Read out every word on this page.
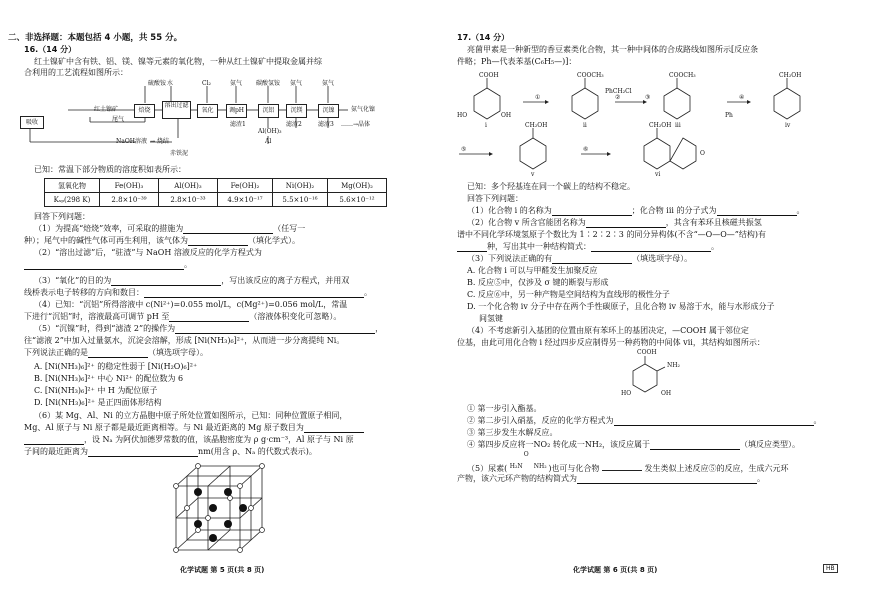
二、非选择题：本题包括 4 小题，共 55 分。
16.（14 分）
红土镍矿中含有铁、铝、镁、镍等元素的氧化物，一种从红土镍矿中提取金属并综
合利用的工艺流程如图所示：
焙烧
溶出过滤
氧化	调pH	沉铝	沉镁	沉镍
吸收
红土镍矿
硫酸铵 水	Cl₂	氨气 碳酸氢铵 氨气	氨气
氨气化镍
尾气
NaOH溶液 → 烧结
赤铁泥
滤渣1	滤渣2	滤渣3 ……→晶体
Al(OH)₃
Al
已知：常温下部分物质的溶度积如表所示：
氢氧化物	Fe(OH)₃	Al(OH)₃	Fe(OH)₂	Ni(OH)₂	Mg(OH)₂
Kₛₚ(298 K)	2.8×10⁻³⁹	2.8×10⁻³³	4.9×10⁻¹⁷	5.5×10⁻¹⁶	5.6×10⁻¹²
回答下列问题：
（1）为提高“焙烧”效率，可采取的措施为	（任写一
种）；尾气中的碱性气体可再生利用，该气体为	（填化学式）。
（2）“溶出过滤”后，“驻渣”与 NaOH 溶液反应的化学方程式为
。
（3）“氧化”的目的为	，写出该反应的离子方程式，并用双
线桥表示电子转移的方向和数目：	。
（4）已知：“沉铝”所得溶液中 c(Ni²⁺)=0.055 mol/L，c(Mg²⁺)=0.056 mol/L，常温
下进行“沉铝”时，溶液最高可调节 pH 至	（溶液体积变化可忽略）。
（5）“沉镍”时，得到“滤渣 2”的操作为	，
往“滤液 2”中加入过量氨水，沉淀会溶解，形成 [Ni(NH₃)₆]²⁺，从而进一步分离提纯 Ni。
下列说法正确的是	（填选项字母）。
A. [Ni(NH₃)₆]²⁺ 的稳定性弱于 [Ni(H₂O)₆]²⁺
B. [Ni(NH₃)₆]²⁺ 中心 Ni²⁺ 的配位数为 6
C. [Ni(NH₃)₆]²⁺ 中 H 为配位原子
D. [Ni(NH₃)₆]²⁺ 是正四面体形结构
（6）某 Mg、Al、Ni 的立方晶胞中原子所处位置如图所示，已知：同种位置原子相同，
Mg、Al 原子与 Ni 原子都是最近距离相等。与 Ni 最近距离的 Mg 原子数目为
，设 Nₐ 为阿伏加德罗常数的值，该晶胞密度为 ρ g·cm⁻³，Al 原子与 Ni 原
子间的最近距离为	nm(用含 ρ、Nₐ 的代数式表示)。
化学试题 第 5 页(共 8 页)
17.（14 分）
亮菌甲素是一种新型的香豆素类化合物，其一种中间体的合成路线如图所示[反应条
件略；Ph—代表苯基(C₆H₅—)]：
COOH	COOCH₃	COOCH₃	CH₂OH
CH₂OH	CH₂OH
PhCH₂Cl
HO	OH	Ph
O
i	ii	iii	iv
v	vi
①	②	③	④
⑤	⑥
已知：多个羟基连在同一个碳上的结构不稳定。
回答下列问题：
（1）化合物 i 的名称为	；化合物 iii 的分子式为	。
（2）化合物 v 所含官能团名称为	，其含有苯环且核磁共振氢
谱中不同化学环境氢原子个数比为 1∶2∶2∶3 的同分异构体(不含“—O—O—”结构)有
种，写出其中一种结构简式：	。
（3）下列说法正确的有	（填选项字母）。
A. 化合物 i 可以与甲醛发生加聚反应
B. 反应⑤中，仅涉及 σ 键的断裂与形成
C. 反应⑥中，另一种产物是空间结构为直线形的极性分子
D. 一个化合物 iv 分子中存在两个手性碳原子，且化合物 iv 易溶于水，能与水形成分子
间氢键
（4）不考虑新引入基团的位置由原有苯环上的基团决定，—COOH 属于邻位定
位基，由此可用化合物 i 经过四步反应制得另一种药物的中间体 vii，其结构如图所示：
COOH
NH₂
HO	OH
① 第一步引入酯基。
② 第二步引入硝基，反应的化学方程式为	。
③ 第三步发生水解反应。
④ 第四步反应将一NO₂ 转化成一NH₂，该反应属于	（填反应类型）。
（5）尿素(
O
H₂N NH₂ )也可与化合物	发生类似上述反应⑤的反应，生成六元环
产物，该六元环产物的结构简式为	。
化学试题 第 6 页(共 8 页)	HB
